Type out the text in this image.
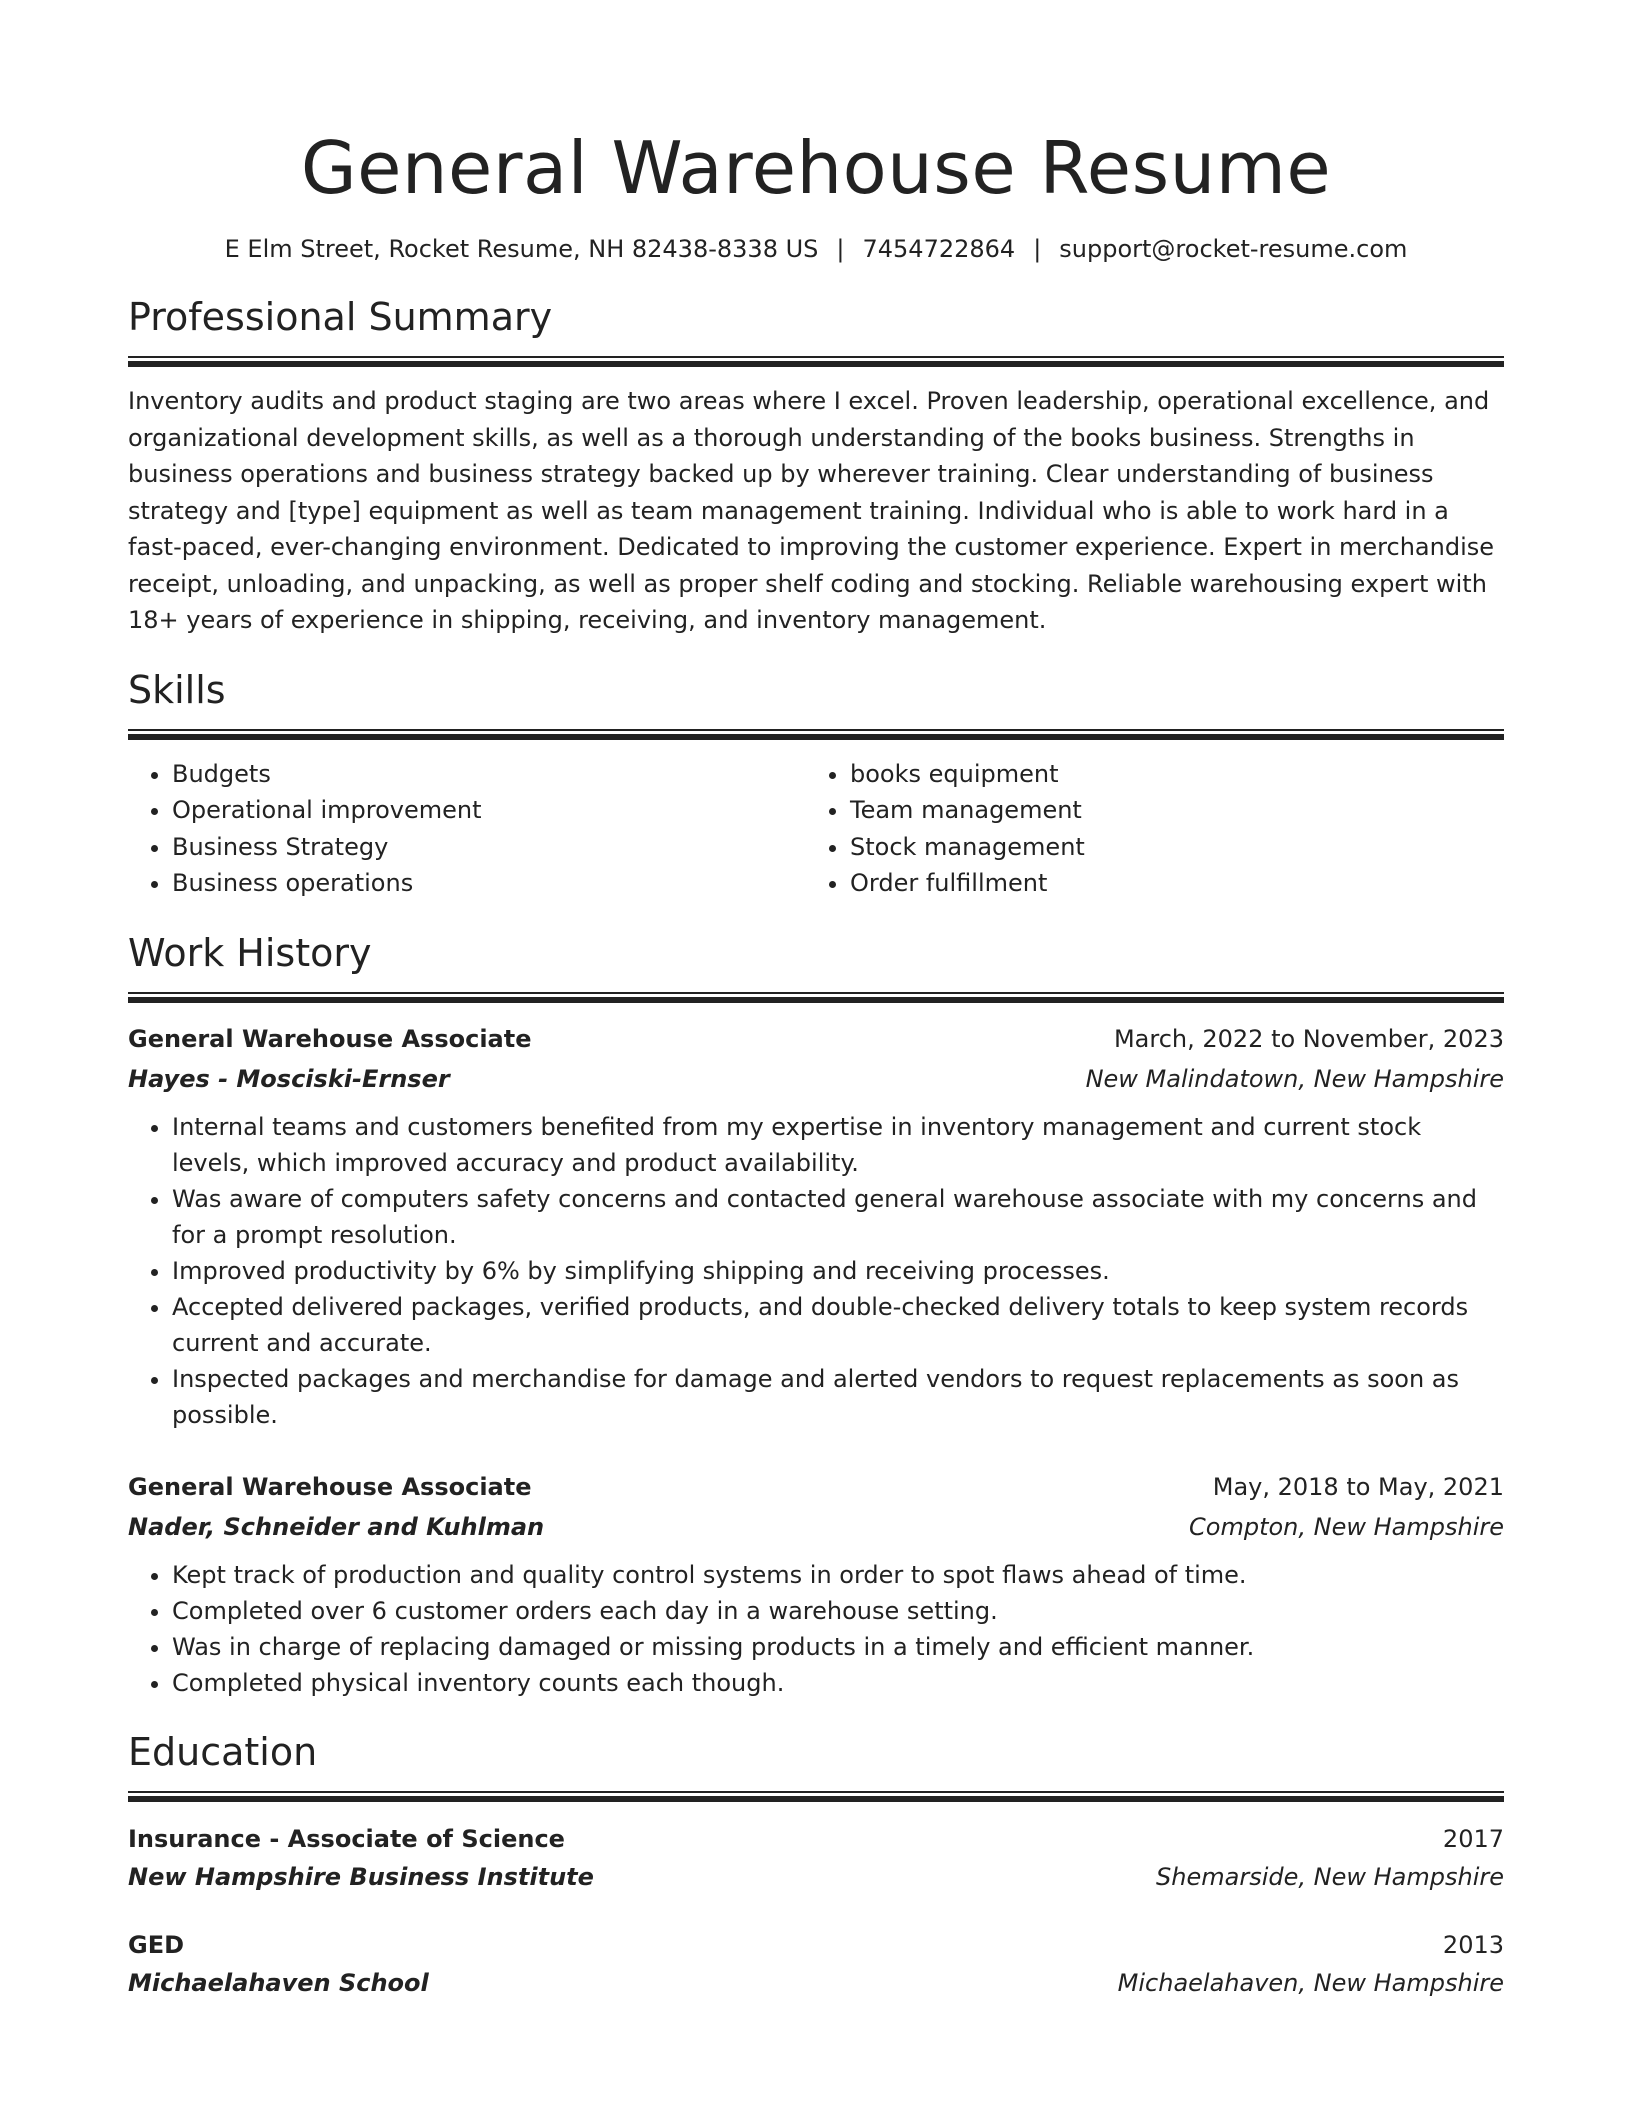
General Warehouse Resume
E Elm Street, Rocket Resume, NH 82438-8338 US | 7454722864 | support@rocket-resume.com
Professional Summary

Inventory audits and product staging are two areas where I excel. Proven leadership, operational excellence, and organizational development skills, as well as a thorough understanding of the books business. Strengths in business operations and business strategy backed up by wherever training. Clear understanding of business strategy and [type] equipment as well as team management training. Individual who is able to work hard in a fast-paced, ever-changing environment. Dedicated to improving the customer experience. Expert in merchandise receipt, unloading, and unpacking, as well as proper shelf coding and stocking. Reliable warehousing expert with 18+ years of experience in shipping, receiving, and inventory management.

Skills
• Budgets
• Operational improvement
• Business Strategy
• Business operations
• books equipment
• Team management
• Stock management
• Order fulfillment
Work History
General Warehouse Associate	March, 2022 to November, 2023
Hayes - Mosciski-Ernser	New Malindatown, New Hampshire
• Internal teams and customers benefited from my expertise in inventory management and current stock levels, which improved accuracy and product availability.
• Was aware of computers safety concerns and contacted general warehouse associate with my concerns and for a prompt resolution.
• Improved productivity by 6% by simplifying shipping and receiving processes.
• Accepted delivered packages, verified products, and double-checked delivery totals to keep system records current and accurate.
• Inspected packages and merchandise for damage and alerted vendors to request replacements as soon as possible.
General Warehouse Associate	May, 2018 to May, 2021
Nader, Schneider and Kuhlman	Compton, New Hampshire
• Kept track of production and quality control systems in order to spot flaws ahead of time.
• Completed over 6 customer orders each day in a warehouse setting.
• Was in charge of replacing damaged or missing products in a timely and efficient manner.
• Completed physical inventory counts each though.
Education
Insurance - Associate of Science	2017
New Hampshire Business Institute	Shemarside, New Hampshire
GED	2013
Michaelahaven School	Michaelahaven, New Hampshire
